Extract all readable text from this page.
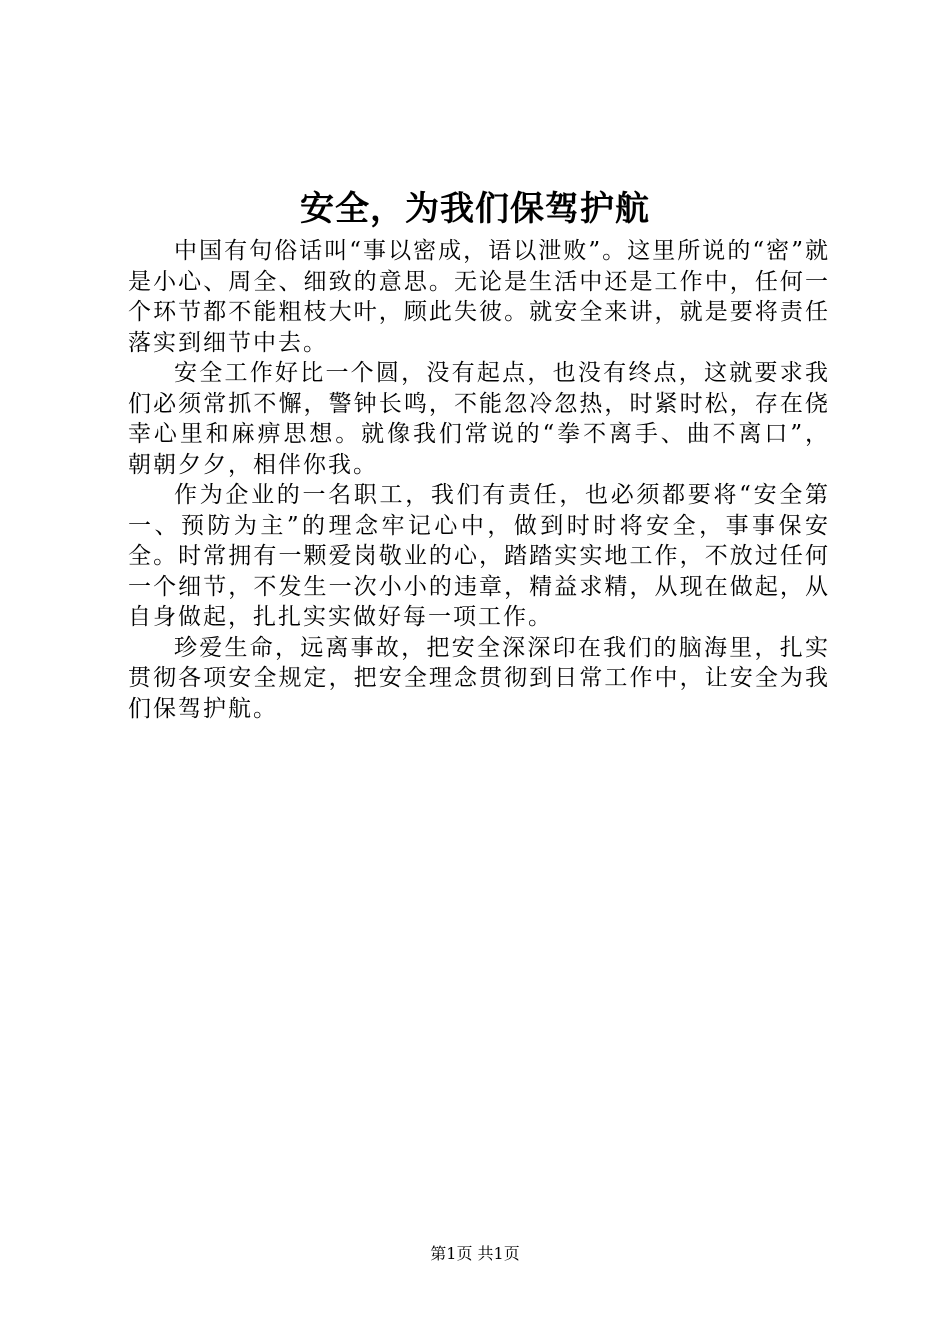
安全，为我们保驾护航

中国有句俗话叫“事以密成，语以泄败”。这里所说的“密”就是小心、周全、细致的意思。无论是生活中还是工作中，任何一个环节都不能粗枝大叶，顾此失彼。就安全来讲，就是要将责任落实到细节中去。

安全工作好比一个圆，没有起点，也没有终点，这就要求我们必须常抓不懈，警钟长鸣，不能忽冷忽热，时紧时松，存在侥幸心里和麻痹思想。就像我们常说的“拳不离手、曲不离口”，朝朝夕夕，相伴你我。

作为企业的一名职工，我们有责任，也必须都要将“安全第一、预防为主”的理念牢记心中，做到时时将安全，事事保安全。时常拥有一颗爱岗敬业的心，踏踏实实地工作，不放过任何一个细节，不发生一次小小的违章，精益求精，从现在做起，从自身做起，扎扎实实做好每一项工作。

珍爱生命，远离事故，把安全深深印在我们的脑海里，扎实贯彻各项安全规定，把安全理念贯彻到日常工作中，让安全为我们保驾护航。

第1页 共1页
